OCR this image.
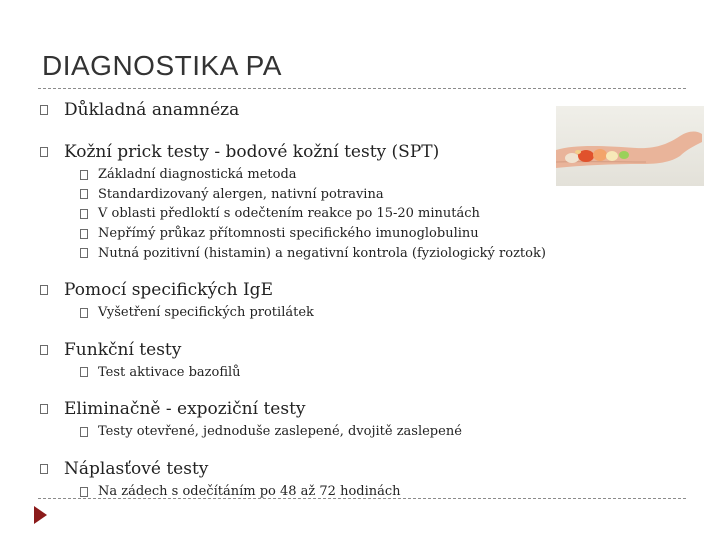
DIAGNOSTIKA PA
Důkladná anamnéza
Kožní prick testy - bodové kožní testy (SPT)
Základní diagnostická metoda
Standardizovaný alergen, nativní potravina
V oblasti předloktí s odečtením reakce po 15-20 minutách
Nepřímý průkaz přítomnosti specifického imunoglobulinu
Nutná pozitivní (histamin) a negativní kontrola (fyziologický roztok)
Pomocí specifických IgE
Vyšetření specifických protilátek
Funkční testy
Test aktivace bazofilů
Eliminačně - expoziční testy
Testy otevřené, jednoduše zaslepené, dvojitě zaslepené
Náplasťové testy
Na zádech s odečítáním po 48 až 72 hodinách
